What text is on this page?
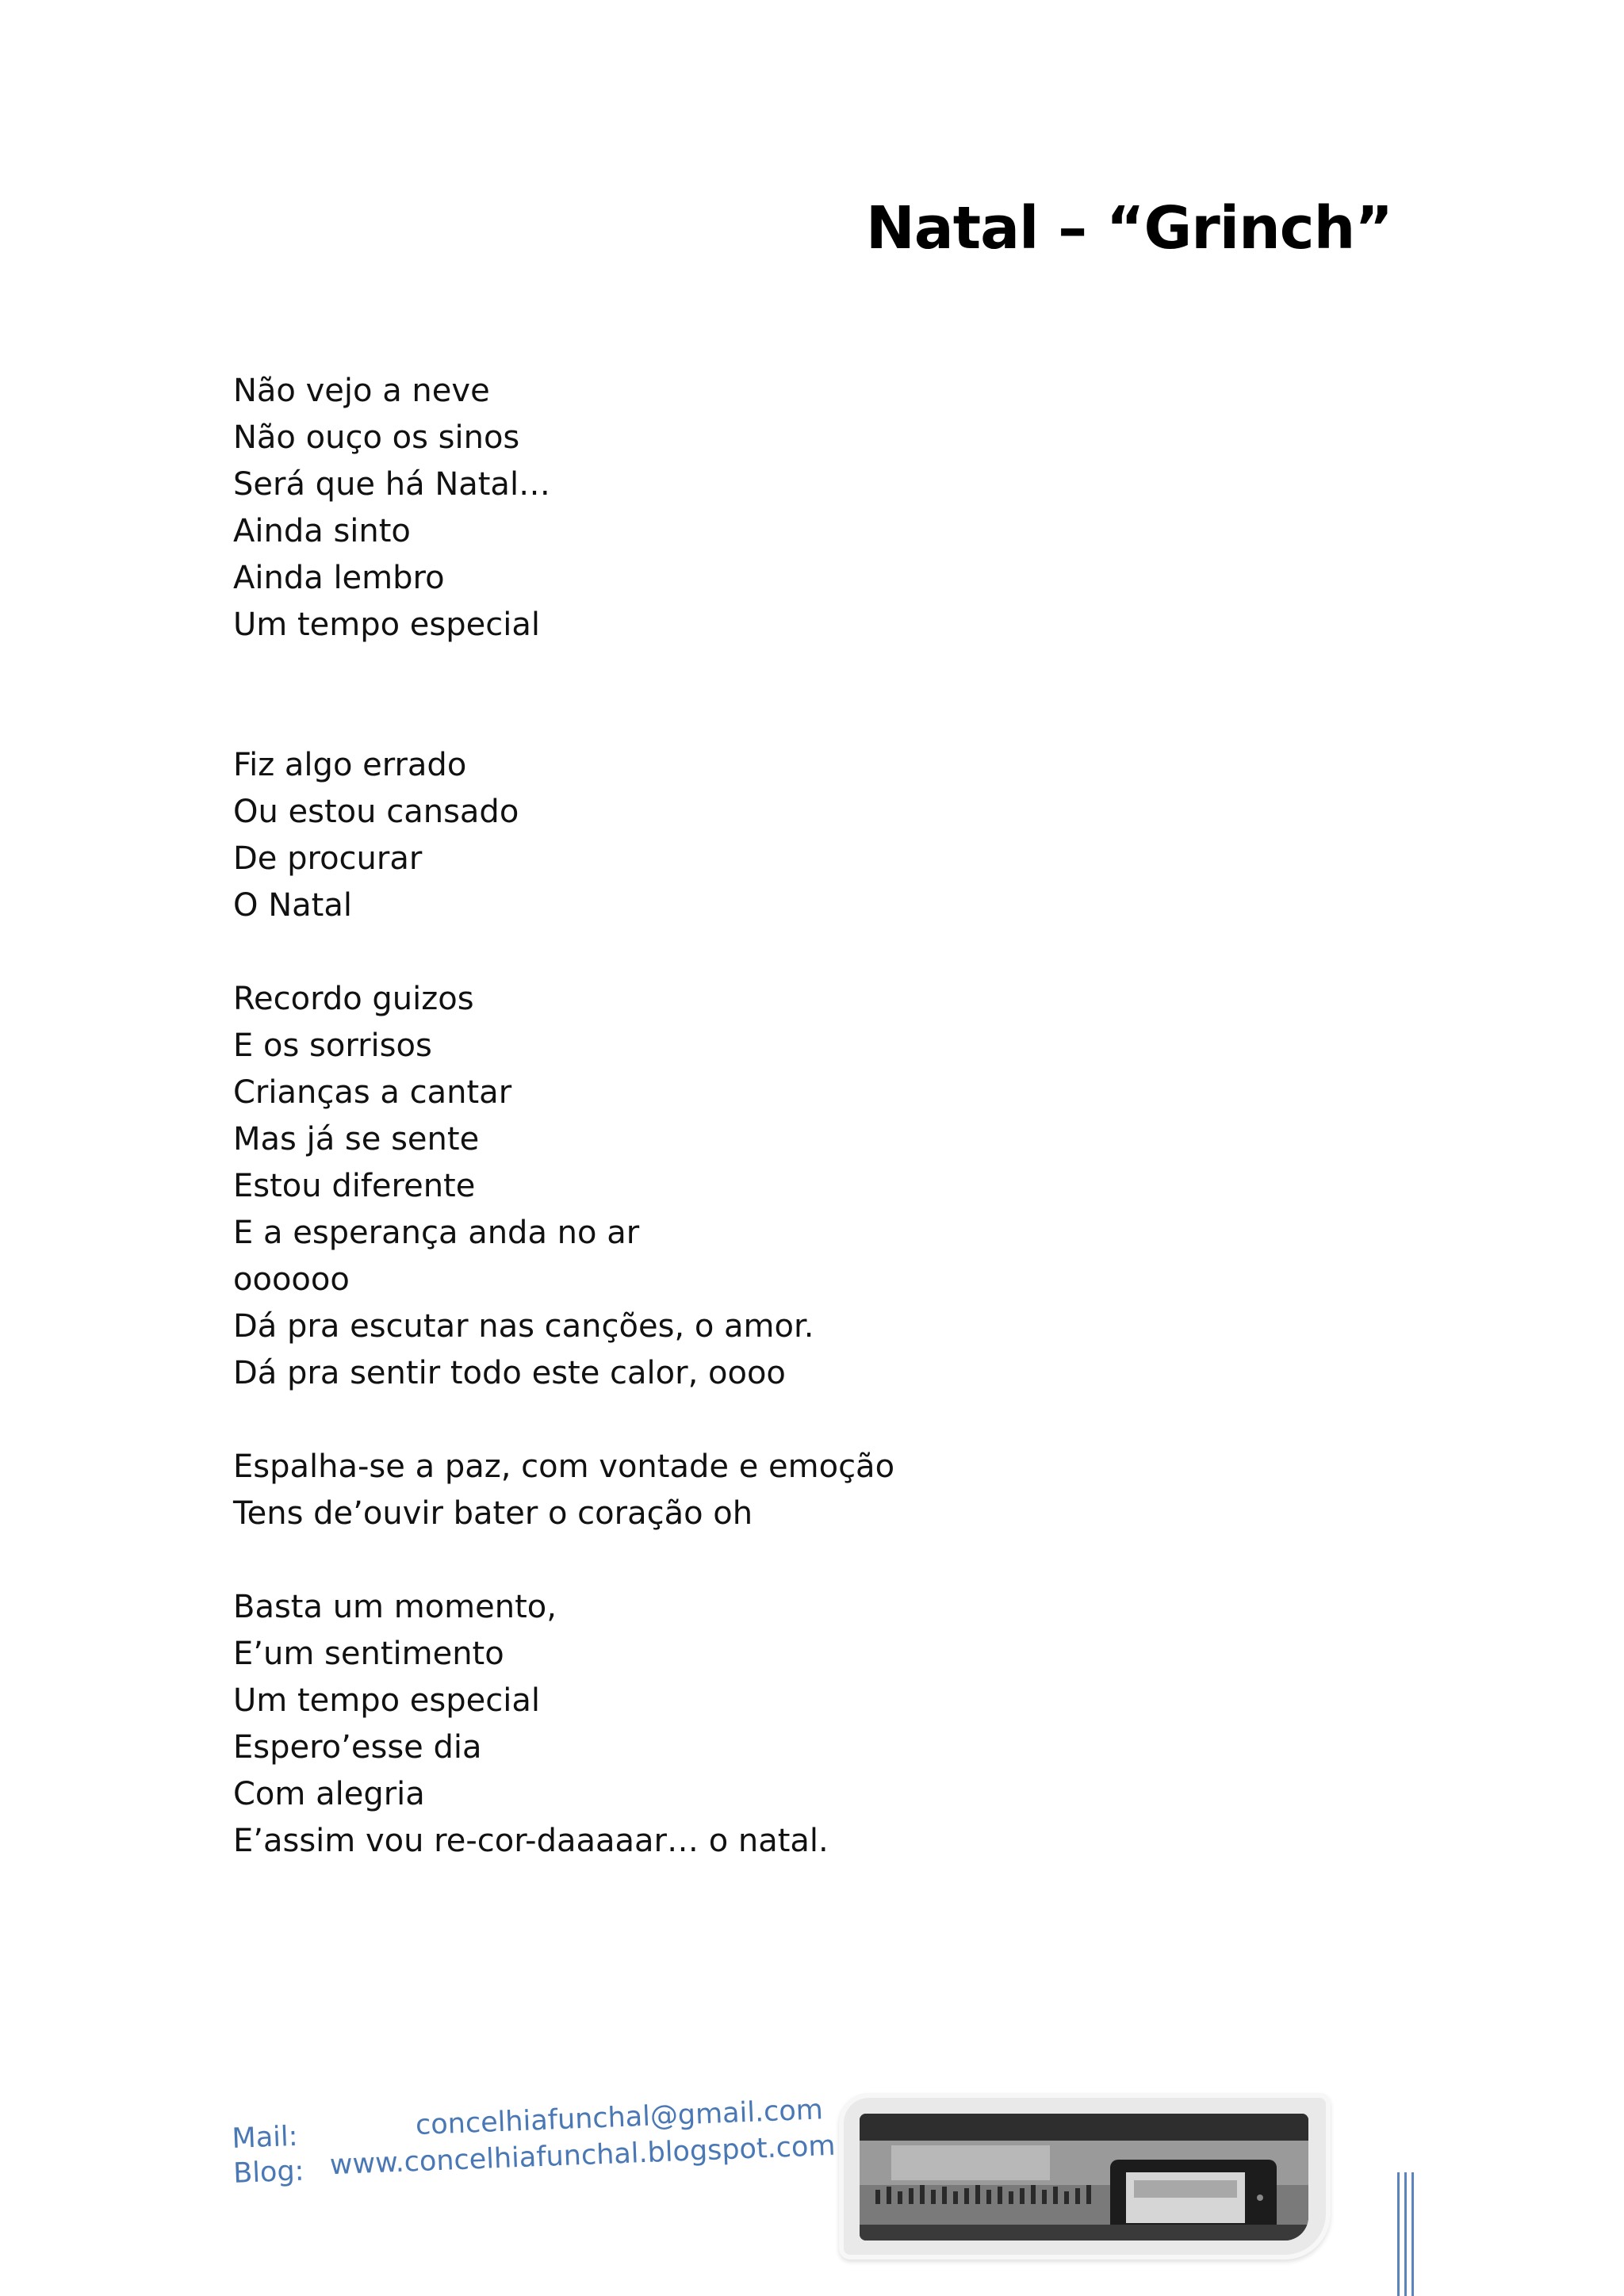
Natal – “Grinch”
Não vejo a neve
Não ouço os sinos
Será que há Natal…
Ainda sinto
Ainda lembro
Um tempo especial
Fiz algo errado
Ou estou cansado
De procurar
O Natal
Recordo guizos
E os sorrisos
Crianças a cantar
Mas já se sente
Estou diferente
E a esperança anda no ar
oooooo
Dá pra escutar nas canções, o amor.
Dá pra sentir todo este calor, oooo
Espalha-se a paz, com vontade e emoção
Tens de’ouvir bater o coração oh
Basta um momento,
E’um sentimento
Um tempo especial
Espero’esse dia
Com alegria
E’assim vou re-cor-daaaaar… o natal.
Mail:	concelhiafunchal@gmail.com
Blog: www.concelhiafunchal.blogspot.com
